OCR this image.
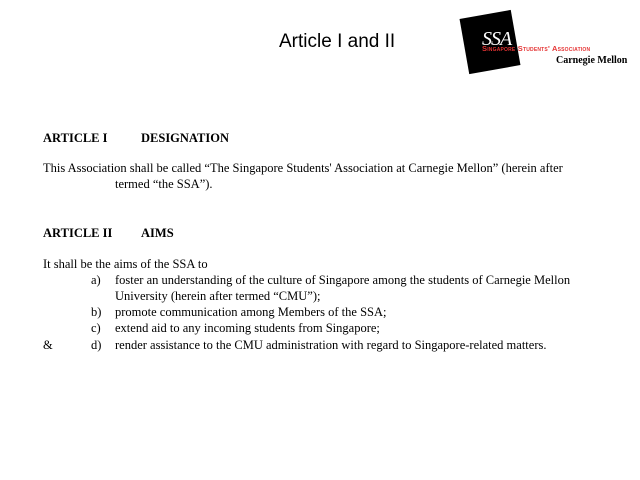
Article I and II	SSA
Singapore Students' Association
Carnegie Mellon
ARTICLE I	DESIGNATION
This Association shall be called “The Singapore Students' Association at Carnegie Mellon” (herein after
termed “the SSA”).
ARTICLE II AIMS
It shall be the aims of the SSA to
a) foster an understanding of the culture of Singapore among the students of Carnegie Mellon
University (herein after termed “CMU”);
b) promote communication among Members of the SSA;
c) extend aid to any incoming students from Singapore;
&	d) render assistance to the CMU administration with regard to Singapore-related matters.
